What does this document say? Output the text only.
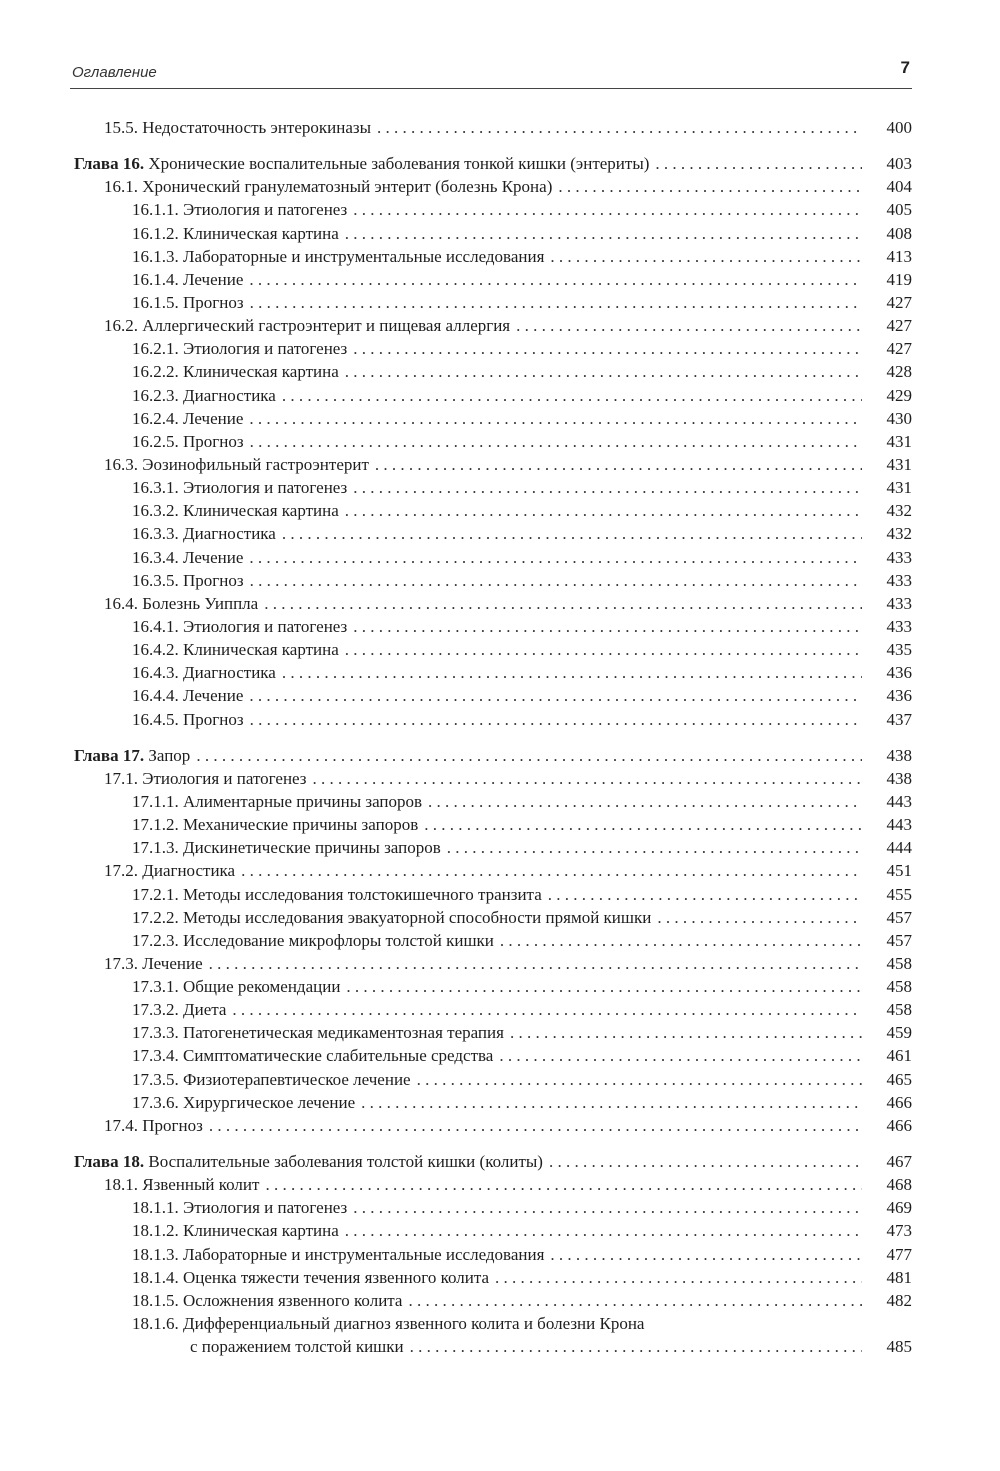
Оглавление	7
15.5. Недостаточность энтерокиназы . . .	400
Глава 16. Хронические воспалительные заболевания тонкой кишки (энтериты) . . .	403
16.1. Хронический гранулематозный энтерит (болезнь Крона) . . .	404
16.1.1. Этиология и патогенез . . .	405
16.1.2. Клиническая картина . . .	408
16.1.3. Лабораторные и инструментальные исследования . . .	413
16.1.4. Лечение . . .	419
16.1.5. Прогноз . . .	427
16.2. Аллергический гастроэнтерит и пищевая аллергия . . .	427
16.2.1. Этиология и патогенез . . .	427
16.2.2. Клиническая картина . . .	428
16.2.3. Диагностика . . .	429
16.2.4. Лечение . . .	430
16.2.5. Прогноз . . .	431
16.3. Эозинофильный гастроэнтерит . . .	431
16.3.1. Этиология и патогенез . . .	431
16.3.2. Клиническая картина . . .	432
16.3.3. Диагностика . . .	432
16.3.4. Лечение . . .	433
16.3.5. Прогноз . . .	433
16.4. Болезнь Уиппла . . .	433
16.4.1. Этиология и патогенез . . .	433
16.4.2. Клиническая картина . . .	435
16.4.3. Диагностика . . .	436
16.4.4. Лечение . . .	436
16.4.5. Прогноз . . .	437
Глава 17. Запор . . .	438
17.1. Этиология и патогенез . . .	438
17.1.1. Алиментарные причины запоров . . .	443
17.1.2. Механические причины запоров . . .	443
17.1.3. Дискинетические причины запоров . . .	444
17.2. Диагностика . . .	451
17.2.1. Методы исследования толстокишечного транзита . . .	455
17.2.2. Методы исследования эвакуаторной способности прямой кишки . . .	457
17.2.3. Исследование микрофлоры толстой кишки . . .	457
17.3. Лечение . . .	458
17.3.1. Общие рекомендации . . .	458
17.3.2. Диета . . .	458
17.3.3. Патогенетическая медикаментозная терапия . . .	459
17.3.4. Симптоматические слабительные средства . . .	461
17.3.5. Физиотерапевтическое лечение . . .	465
17.3.6. Хирургическое лечение . . .	466
17.4. Прогноз . . .	466
Глава 18. Воспалительные заболевания толстой кишки (колиты) . . .	467
18.1. Язвенный колит . . .	468
18.1.1. Этиология и патогенез . . .	469
18.1.2. Клиническая картина . . .	473
18.1.3. Лабораторные и инструментальные исследования . . .	477
18.1.4. Оценка тяжести течения язвенного колита . . .	481
18.1.5. Осложнения язвенного колита . . .	482
18.1.6. Дифференциальный диагноз язвенного колита и болезни Крона
с поражением толстой кишки . . .	485
